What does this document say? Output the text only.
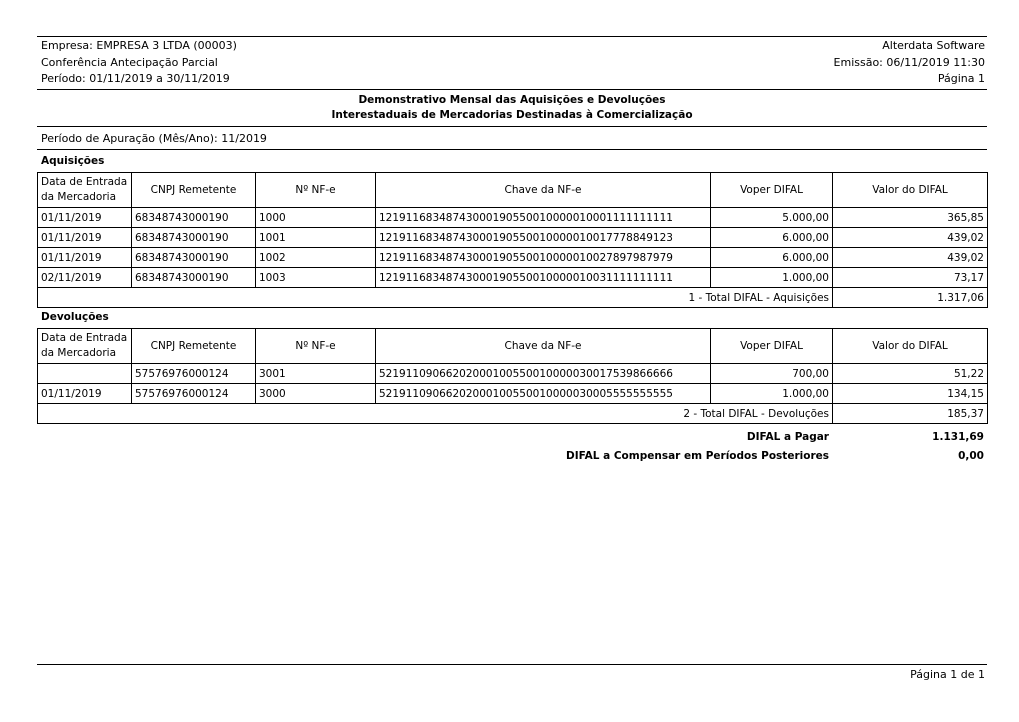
Empresa: EMPRESA 3 LTDA (00003)
Conferência Antecipação Parcial
Período: 01/11/2019 a 30/11/2019
Alterdata Software
Emissão: 06/11/2019 11:30
Página 1
Demonstrativo Mensal das Aquisições e Devoluções
Interestaduais de Mercadorias Destinadas à Comercialização
Período de Apuração (Mês/Ano): 11/2019
Aquisições
Data de Entrada da Mercadoria	CNPJ Remetente	Nº NF-e	Chave da NF-e	Voper DIFAL	Valor do DIFAL
01/11/2019	68348743000190	1000	12191168348743000190550010000010001111111111	5.000,00	365,85
01/11/2019	68348743000190	1001	12191168348743000190550010000010017778849123	6.000,00	439,02
01/11/2019	68348743000190	1002	12191168348743000190550010000010027897987979	6.000,00	439,02
02/11/2019	68348743000190	1003	12191168348743000190550010000010031111111111	1.000,00	73,17
1 - Total DIFAL - Aquisições					1.317,06
Devoluções
Data de Entrada da Mercadoria	CNPJ Remetente	Nº NF-e	Chave da NF-e	Voper DIFAL	Valor do DIFAL
	57576976000124	3001	52191109066202000100550010000030017539866666	700,00	51,22
01/11/2019	57576976000124	3000	52191109066202000100550010000030005555555555	1.000,00	134,15
2 - Total DIFAL - Devoluções					185,37
DIFAL a Pagar	1.131,69
DIFAL a Compensar em Períodos Posteriores	0,00
Página 1 de 1
